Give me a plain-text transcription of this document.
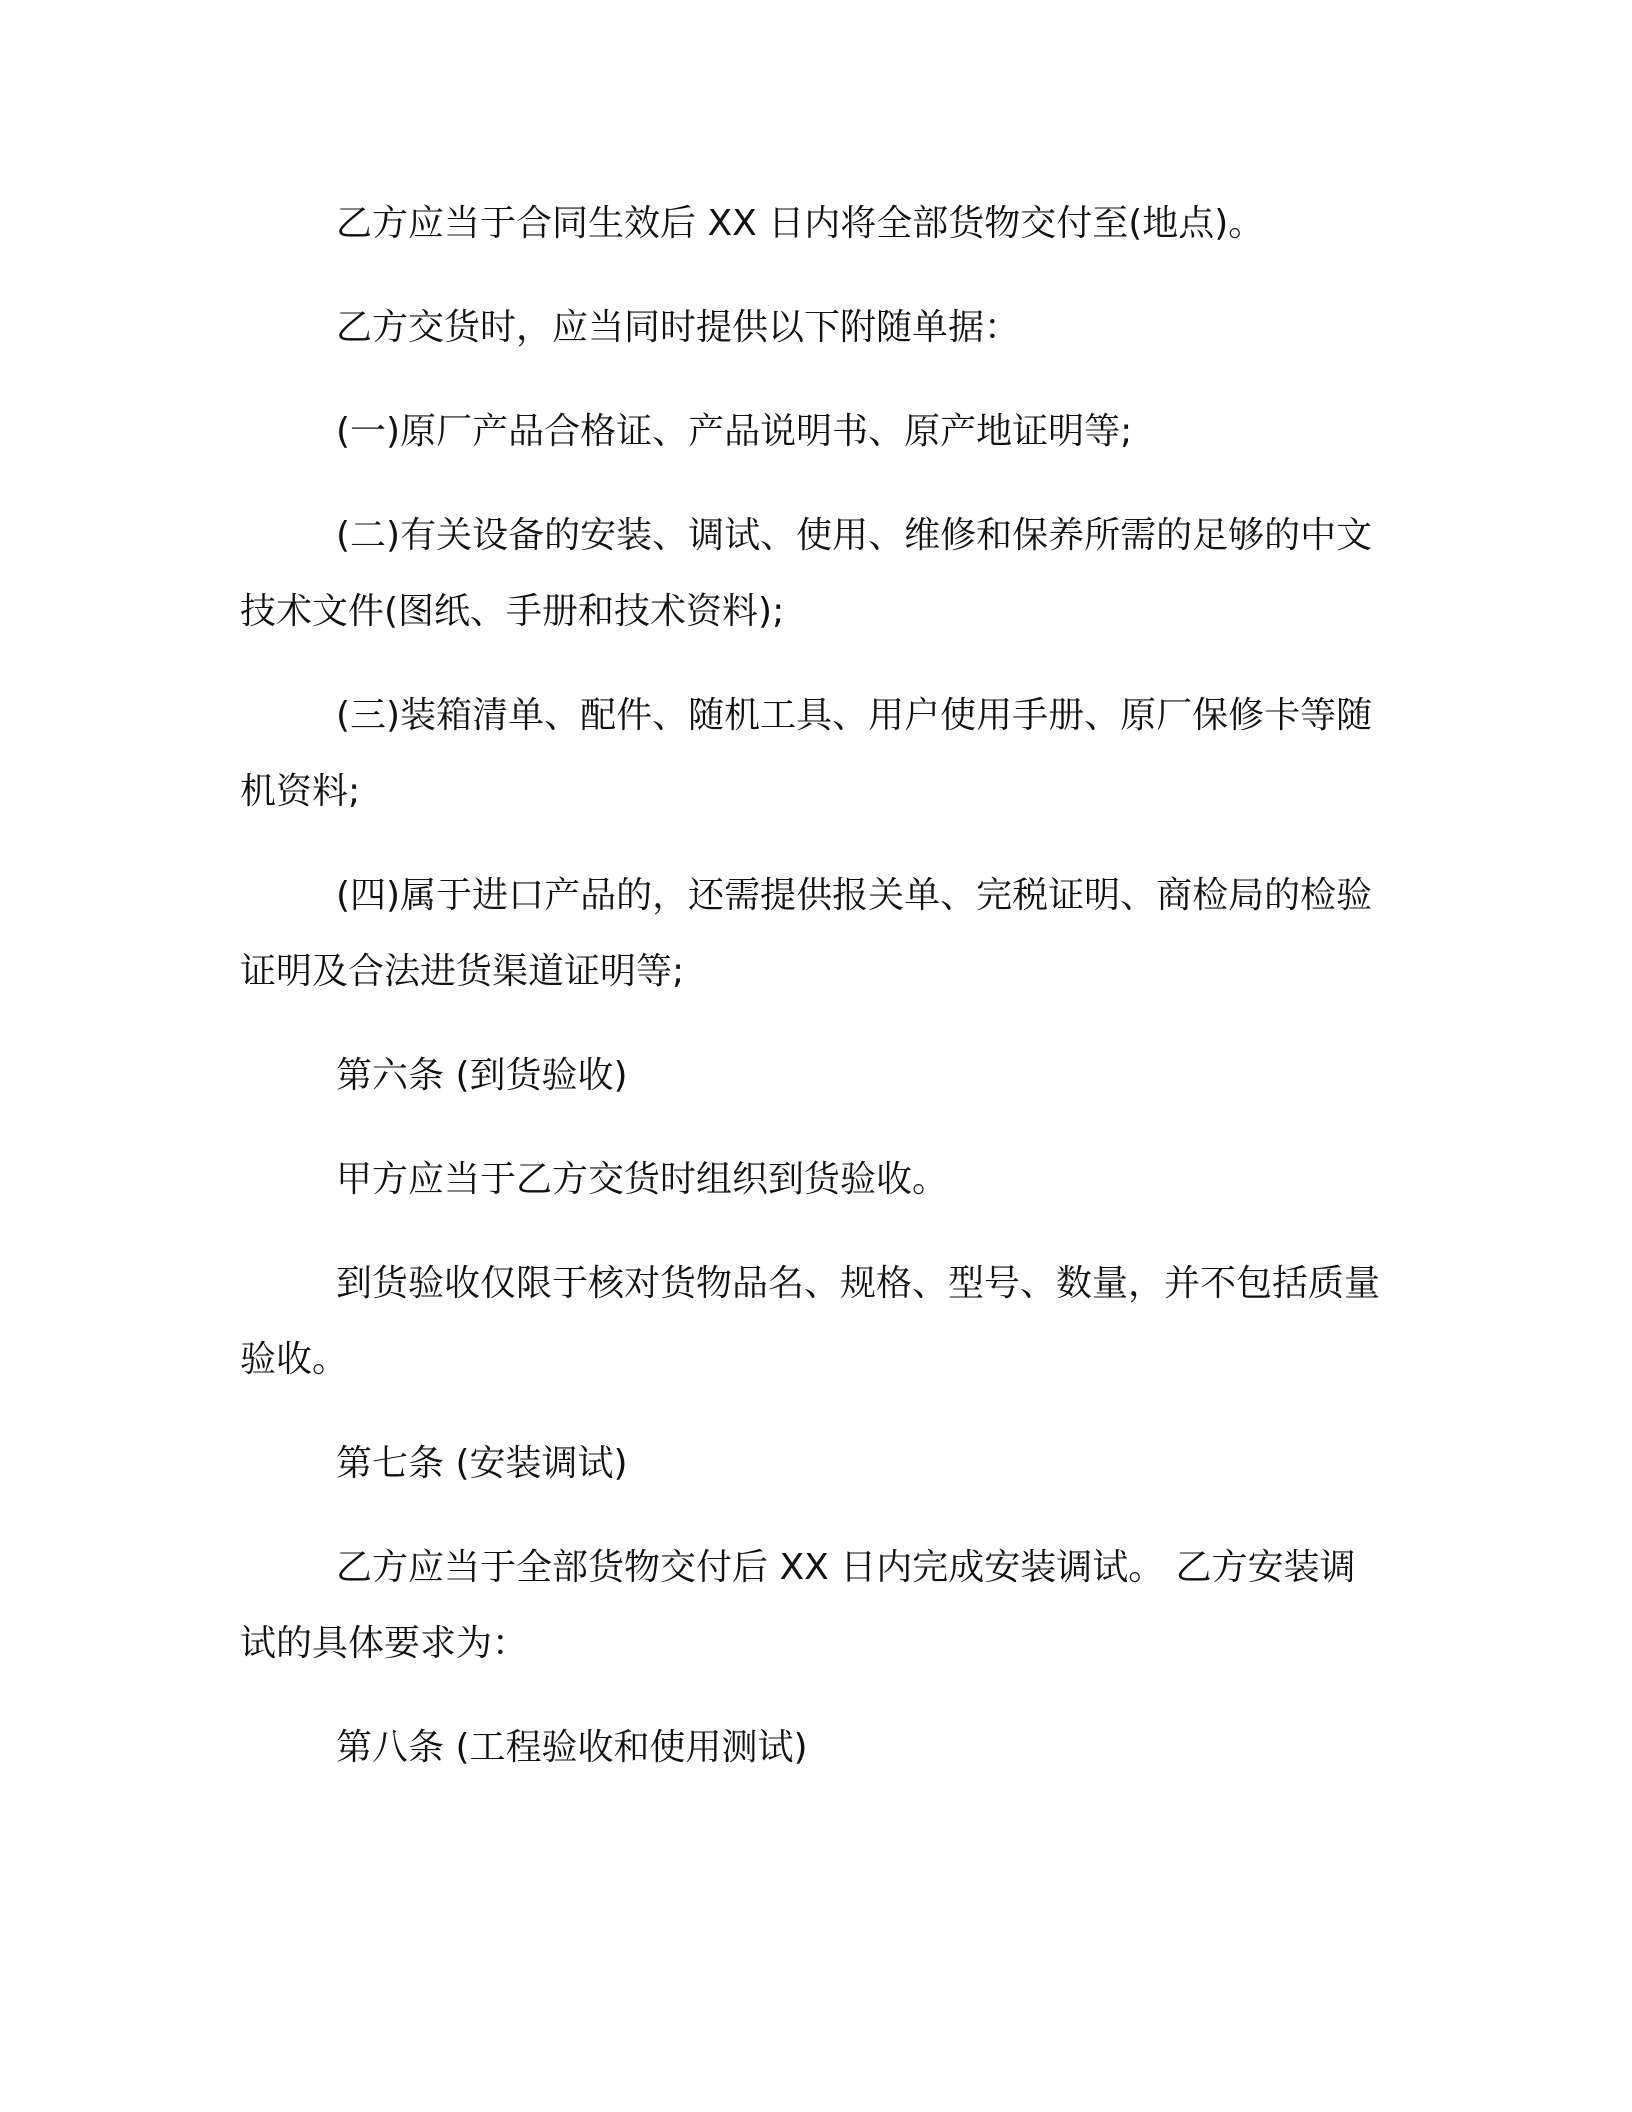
乙方应当于合同生效后 XX 日内将全部货物交付至(地点)。

乙方交货时，应当同时提供以下附随单据：

(一)原厂产品合格证、产品说明书、原产地证明等;

(二)有关设备的安装、调试、使用、维修和保养所需的足够的中文技术文件(图纸、手册和技术资料);

(三)装箱清单、配件、随机工具、用户使用手册、原厂保修卡等随机资料;

(四)属于进口产品的，还需提供报关单、完税证明、商检局的检验证明及合法进货渠道证明等;

第六条 (到货验收)

甲方应当于乙方交货时组织到货验收。

到货验收仅限于核对货物品名、规格、型号、数量，并不包括质量验收。

第七条 (安装调试)

乙方应当于全部货物交付后 XX 日内完成安装调试。 乙方安装调试的具体要求为：

第八条 (工程验收和使用测试)
